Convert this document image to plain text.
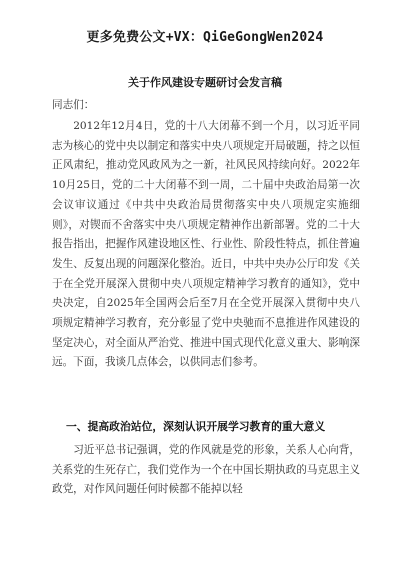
更多免费公文+VX：QiGeGongWen2024
关于作风建设专题研讨会发言稿
同志们：

2012年12月4日，党的十八大闭幕不到一个月，以习近平同志为核心的党中央以制定和落实中央八项规定开局破题，持之以恒正风肃纪，推动党风政风为之一新，社风民风持续向好。2022年10月25日，党的二十大闭幕不到一周，二十届中央政治局第一次会议审议通过《中共中央政治局贯彻落实中央八项规定实施细则》，对锲而不舍落实中央八项规定精神作出新部署。党的二十大报告指出，把握作风建设地区性、行业性、阶段性特点，抓住普遍发生、反复出现的问题深化整治。近日，中共中央办公厅印发《关于在全党开展深入贯彻中央八项规定精神学习教育的通知》，党中央决定，自2025年全国两会后至7月在全党开展深入贯彻中央八项规定精神学习教育，充分彰显了党中央驰而不息推进作风建设的坚定决心，对全面从严治党、推进中国式现代化意义重大、影响深远。下面，我谈几点体会，以供同志们参考。

一、提高政治站位，深刻认识开展学习教育的重大意义

习近平总书记强调，党的作风就是党的形象，关系人心向背，关系党的生死存亡，我们党作为一个在中国长期执政的马克思主义政党，对作风问题任何时候都不能掉以轻
